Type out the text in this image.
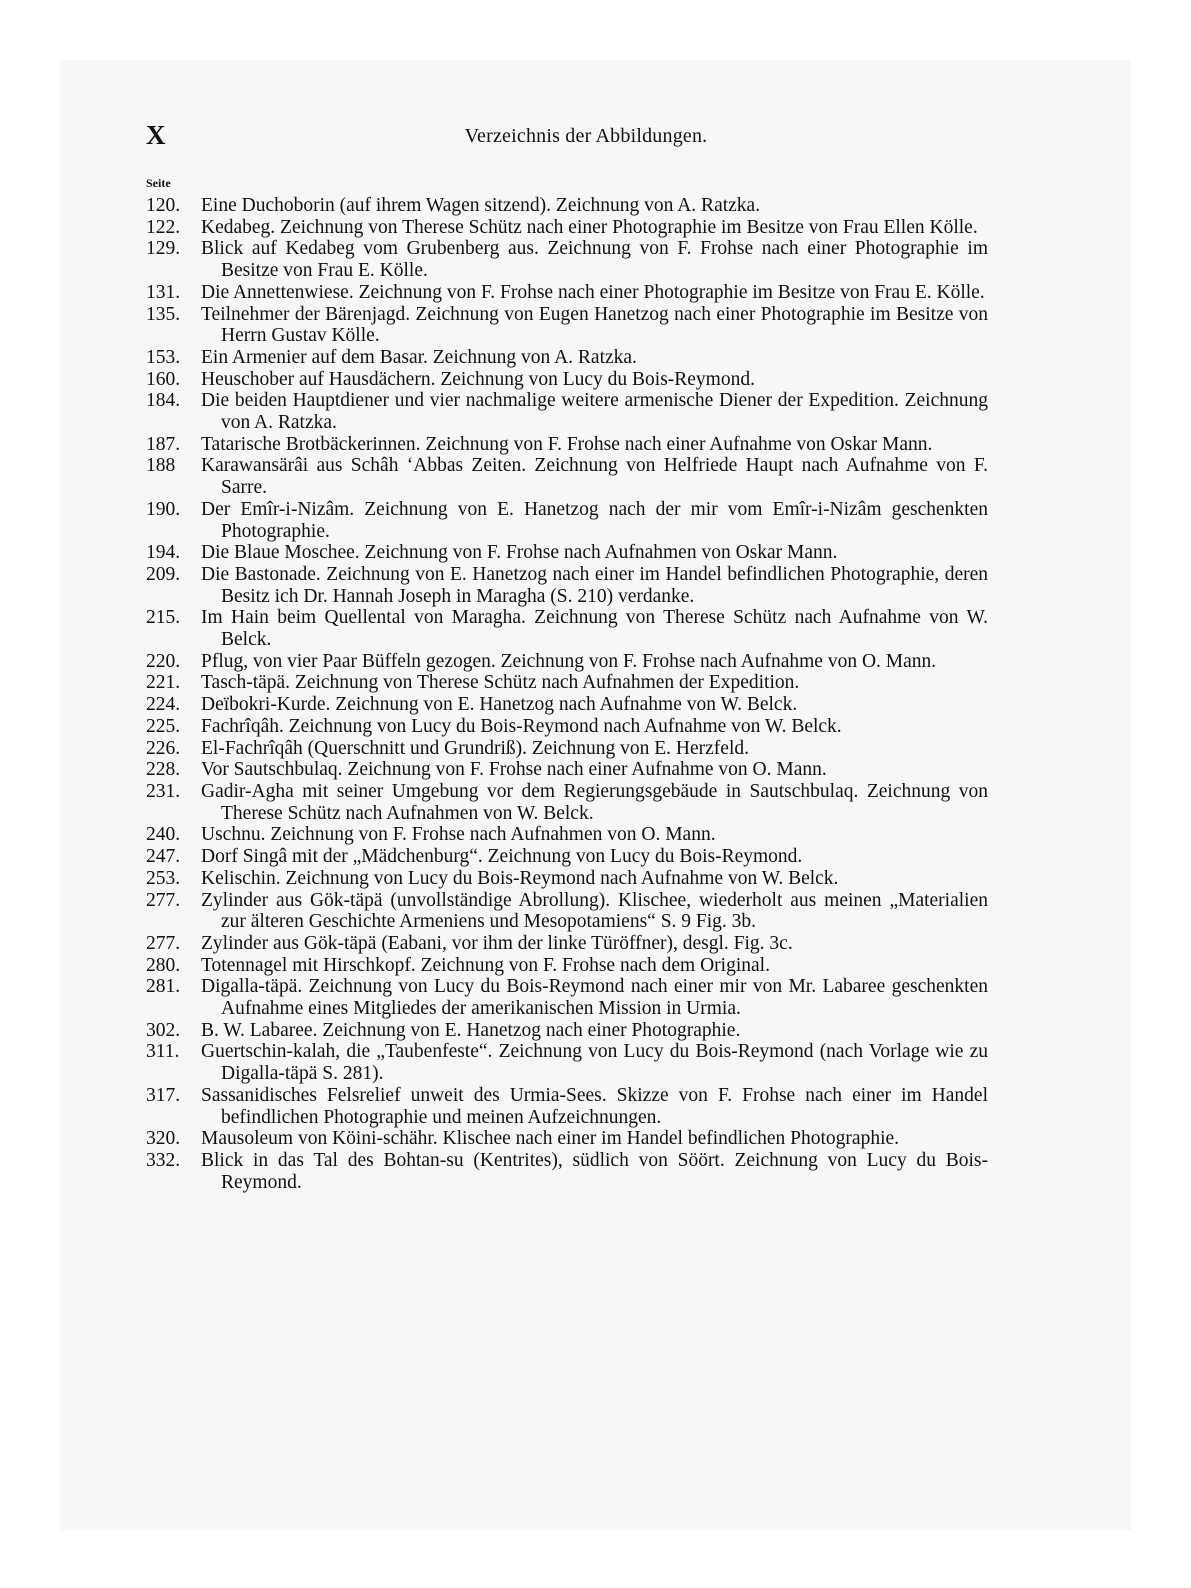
X	Verzeichnis der Abbildungen.
Seite
120.	Eine Duchoborin (auf ihrem Wagen sitzend). Zeichnung von A. Ratzka.
122.	Kedabeg. Zeichnung von Therese Schütz nach einer Photographie im Besitze von Frau Ellen Kölle.
129.	Blick auf Kedabeg vom Grubenberg aus. Zeichnung von F. Frohse nach einer Photographie im Besitze von Frau E. Kölle.
131.	Die Annettenwiese. Zeichnung von F. Frohse nach einer Photographie im Besitze von Frau E. Kölle.
135.	Teilnehmer der Bärenjagd. Zeichnung von Eugen Hanetzog nach einer Photographie im Besitze von Herrn Gustav Kölle.
153.	Ein Armenier auf dem Basar. Zeichnung von A. Ratzka.
160.	Heuschober auf Hausdächern. Zeichnung von Lucy du Bois-Reymond.
184.	Die beiden Hauptdiener und vier nachmalige weitere armenische Diener der Expedition. Zeichnung von A. Ratzka.
187.	Tatarische Brotbäckerinnen. Zeichnung von F. Frohse nach einer Aufnahme von Oskar Mann.
188	Karawansärâi aus Schâh ʻAbbas Zeiten. Zeichnung von Helfriede Haupt nach Aufnahme von F. Sarre.
190.	Der Emîr-i-Nizâm. Zeichnung von E. Hanetzog nach der mir vom Emîr-i-Nizâm geschenkten Photographie.
194.	Die Blaue Moschee. Zeichnung von F. Frohse nach Aufnahmen von Oskar Mann.
209.	Die Bastonade. Zeichnung von E. Hanetzog nach einer im Handel befindlichen Photographie, deren Besitz ich Dr. Hannah Joseph in Maragha (S. 210) verdanke.
215.	Im Hain beim Quellental von Maragha. Zeichnung von Therese Schütz nach Aufnahme von W. Belck.
220.	Pflug, von vier Paar Büffeln gezogen. Zeichnung von F. Frohse nach Aufnahme von O. Mann.
221.	Tasch-täpä. Zeichnung von Therese Schütz nach Aufnahmen der Expedition.
224.	Deïbokri-Kurde. Zeichnung von E. Hanetzog nach Aufnahme von W. Belck.
225.	Fachrîqâh. Zeichnung von Lucy du Bois-Reymond nach Aufnahme von W. Belck.
226.	El-Fachrîqâh (Querschnitt und Grundriß). Zeichnung von E. Herzfeld.
228.	Vor Sautschbulaq. Zeichnung von F. Frohse nach einer Aufnahme von O. Mann.
231.	Gadir-Agha mit seiner Umgebung vor dem Regierungsgebäude in Sautschbulaq. Zeichnung von Therese Schütz nach Aufnahmen von W. Belck.
240.	Uschnu. Zeichnung von F. Frohse nach Aufnahmen von O. Mann.
247.	Dorf Singâ mit der „Mädchenburg“. Zeichnung von Lucy du Bois-Reymond.
253.	Kelischin. Zeichnung von Lucy du Bois-Reymond nach Aufnahme von W. Belck.
277.	Zylinder aus Gök-täpä (unvollständige Abrollung). Klischee, wiederholt aus meinen „Materialien zur älteren Geschichte Armeniens und Mesopotamiens“ S. 9 Fig. 3b.
277.	Zylinder aus Gök-täpä (Eabani, vor ihm der linke Türöffner), desgl. Fig. 3c.
280.	Totennagel mit Hirschkopf. Zeichnung von F. Frohse nach dem Original.
281.	Digalla-täpä. Zeichnung von Lucy du Bois-Reymond nach einer mir von Mr. Labaree geschenkten Aufnahme eines Mitgliedes der amerikanischen Mission in Urmia.
302.	B. W. Labaree. Zeichnung von E. Hanetzog nach einer Photographie.
311.	Guertschin-kalah, die „Taubenfeste“. Zeichnung von Lucy du Bois-Reymond (nach Vorlage wie zu Digalla-täpä S. 281).
317.	Sassanidisches Felsrelief unweit des Urmia-Sees. Skizze von F. Frohse nach einer im Handel befindlichen Photographie und meinen Aufzeichnungen.
320.	Mausoleum von Köini-schähr. Klischee nach einer im Handel befindlichen Photographie.
332.	Blick in das Tal des Bohtan-su (Kentrites), südlich von Söört. Zeichnung von Lucy du Bois-Reymond.
